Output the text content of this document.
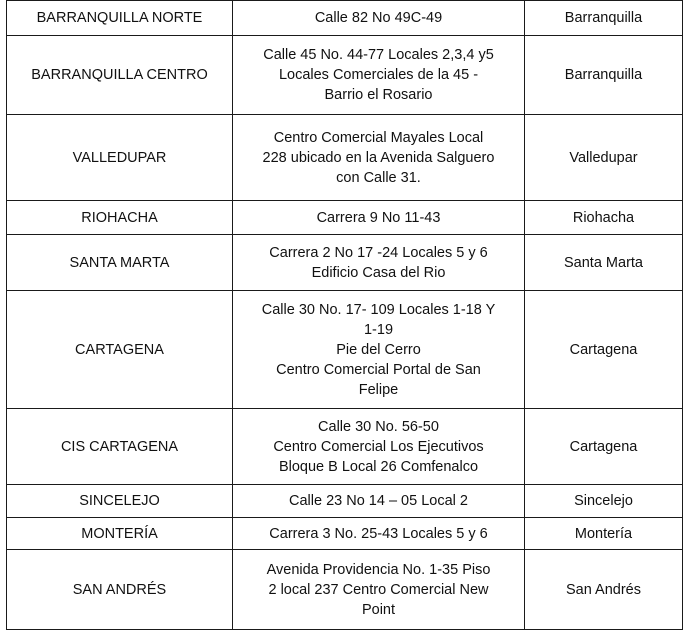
BARRANQUILLA NORTE	Calle 82 No 49C-49	Barranquilla
BARRANQUILLA CENTRO	Calle 45 No. 44-77 Locales 2,3,4 y5
Locales Comerciales de la 45 -
Barrio el Rosario	Barranquilla
VALLEDUPAR	Centro Comercial Mayales Local
228 ubicado en la Avenida Salguero
con Calle 31.	Valledupar
RIOHACHA	Carrera 9 No 11-43	Riohacha
SANTA MARTA	Carrera 2 No 17 -24 Locales 5 y 6
Edificio Casa del Rio	Santa Marta
CARTAGENA	Calle 30 No. 17- 109 Locales 1-18 Y
1-19
Pie del Cerro
Centro Comercial Portal de San
Felipe	Cartagena
CIS CARTAGENA	Calle 30 No. 56-50
Centro Comercial Los Ejecutivos
Bloque B Local 26 Comfenalco	Cartagena
SINCELEJO	Calle 23 No 14 – 05 Local 2	Sincelejo
MONTERÍA	Carrera 3 No. 25-43 Locales 5 y 6	Montería
SAN ANDRÉS	Avenida Providencia No. 1-35 Piso
2 local 237 Centro Comercial New
Point	San Andrés
